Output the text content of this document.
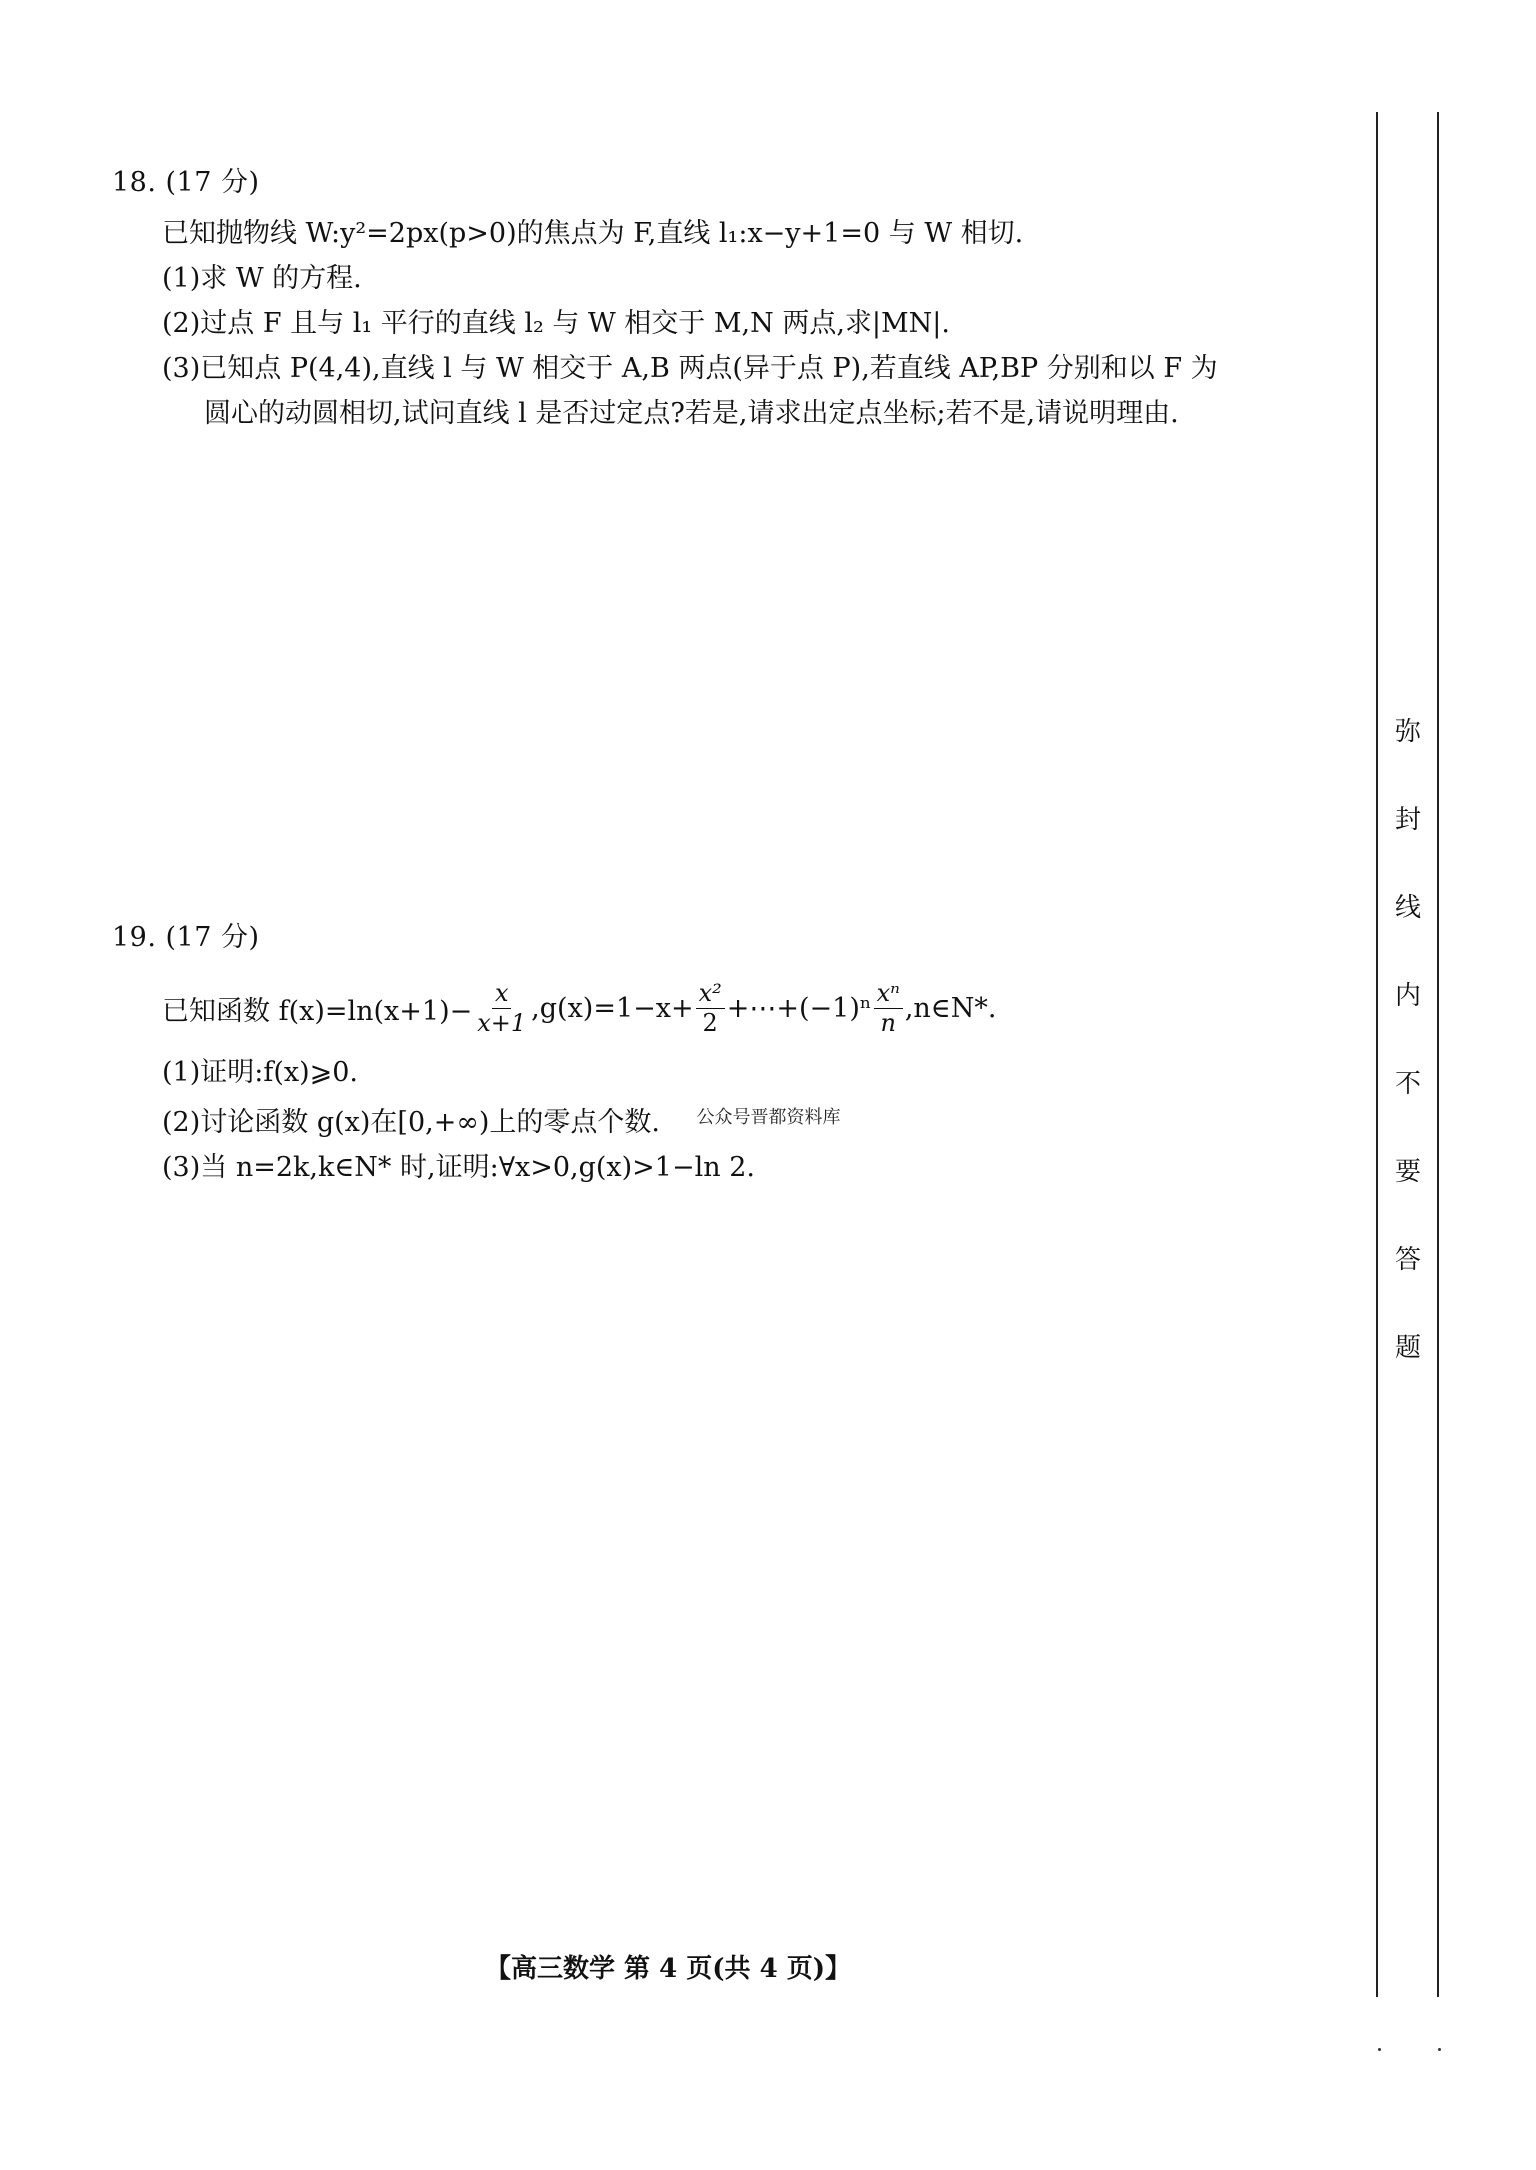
18. (17 分)
已知抛物线 W:y²=2px(p>0)的焦点为 F,直线 l₁:x−y+1=0 与 W 相切.
(1)求 W 的方程.
(2)过点 F 且与 l₁ 平行的直线 l₂ 与 W 相交于 M,N 两点,求|MN|.
(3)已知点 P(4,4),直线 l 与 W 相交于 A,B 两点(异于点 P),若直线 AP,BP 分别和以 F 为
圆心的动圆相切,试问直线 l 是否过定点?若是,请求出定点坐标;若不是,请说明理由.
19. (17 分)
已知函数 $f(x)=\ln(x+1)- \frac{x}{x+1} ,g(x)=1-x+ \frac{\text{x²}}{2}$ +⋯+(−1)ⁿ $\frac{\text{xⁿ}}{n}$ ,n∈N*.
(1)证明:f(x)⩾0.
(2)讨论函数 g(x)在[0,+∞)上的零点个数. $^{公众号晋都资料库}$
(3)当 n=2k,k∈N* 时,证明:∀x>0,g(x)>1−ln 2.
弥
封
线
内
不
要
答
题
【高三数学 第 4 页(共 4 页)】
